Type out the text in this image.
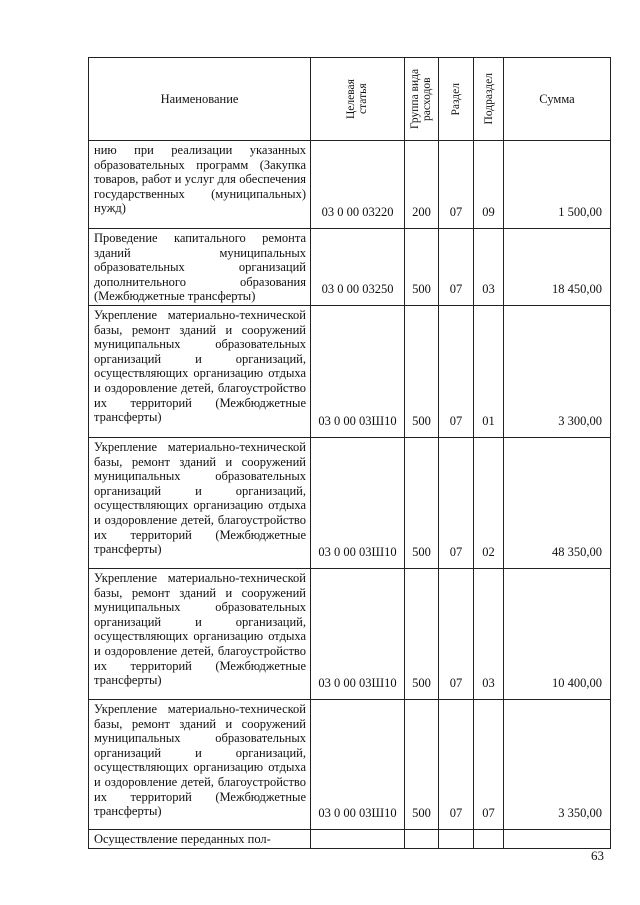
Наименование	Целевая статья	Группа вида расходов	Раздел	Подраздел	Сумма
нию при реализации указанных образовательных программ (Закупка товаров, работ и услуг для обеспечения государственных (муниципальных) нужд)	03 0 00 03220	200	07	09	1 500,00
Проведение капитального ремонта зданий муниципальных образовательных организаций дополнительного образования (Межбюджетные трансферты)	03 0 00 03250	500	07	03	18 450,00
Укрепление материально-технической базы, ремонт зданий и сооружений муниципальных образовательных организаций и организаций, осуществляющих организацию отдыха и оздоровление детей, благоустройство их территорий (Межбюджетные трансферты)	03 0 00 03Ш10	500	07	01	3 300,00
Укрепление материально-технической базы, ремонт зданий и сооружений муниципальных образовательных организаций и организаций, осуществляющих организацию отдыха и оздоровление детей, благоустройство их территорий (Межбюджетные трансферты)	03 0 00 03Ш10	500	07	02	48 350,00
Укрепление материально-технической базы, ремонт зданий и сооружений муниципальных образовательных организаций и организаций, осуществляющих организацию отдыха и оздоровление детей, благоустройство их территорий (Межбюджетные трансферты)	03 0 00 03Ш10	500	07	03	10 400,00
Укрепление материально-технической базы, ремонт зданий и сооружений муниципальных образовательных организаций и организаций, осуществляющих организацию отдыха и оздоровление детей, благоустройство их территорий (Межбюджетные трансферты)	03 0 00 03Ш10	500	07	07	3 350,00
Осуществление переданных пол-					
63
